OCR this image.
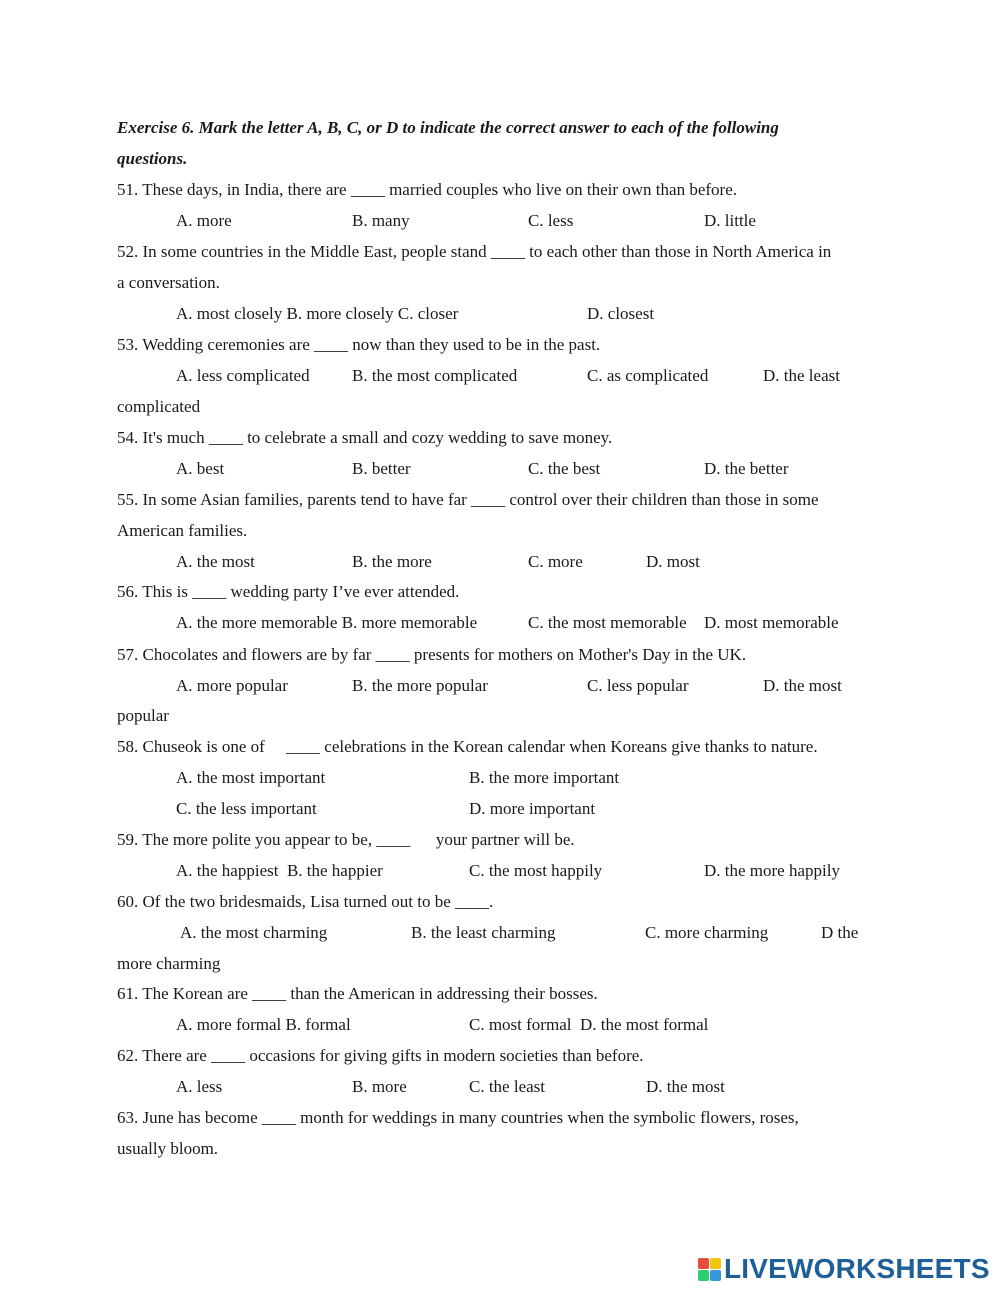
Exercise 6. Mark the letter A, B, C, or D to indicate the correct answer to each of the following
questions.
51. These days, in India, there are ____ married couples who live on their own than before.
A. more	B. many	C. less	D. little
52. In some countries in the Middle East, people stand ____ to each other than those in North America in
a conversation.
A. most closely B. more closely C. closer	D. closest
53. Wedding ceremonies are ____ now than they used to be in the past.
A. less complicated B. the most complicated	C. as complicated	D. the least
complicated
54. It's much ____ to celebrate a small and cozy wedding to save money.
A. best	B. better	C. the best	D. the better
55. In some Asian families, parents tend to have far ____ control over their children than those in some
American families.
A. the most	B. the more	C. more	D. most
56. This is ____ wedding party I’ve ever attended.
A. the more memorable B. more memorable	C. the most memorable D. most memorable
57. Chocolates and flowers are by far ____ presents for mothers on Mother's Day in the UK.
A. more popular	B. the more popular	C. less popular	D. the most
popular
58. Chuseok is one of     ____ celebrations in the Korean calendar when Koreans give thanks to nature.
A. the most important	B. the more important
C. the less important	D. more important
59. The more polite you appear to be, ____      your partner will be.
A. the happiest  B. the happier	C. the most happily	D. the more happily
60. Of the two bridesmaids, Lisa turned out to be ____.
A. the most charming	B. the least charming	C. more charming	D the
more charming
61. The Korean are ____ than the American in addressing their bosses.
A. more formal B. formal	C. most formal  D. the most formal
62. There are ____ occasions for giving gifts in modern societies than before.
A. less	B. more	C. the least	D. the most
63. June has become ____ month for weddings in many countries when the symbolic flowers, roses,
usually bloom.
LIVEWORKSHEETS
